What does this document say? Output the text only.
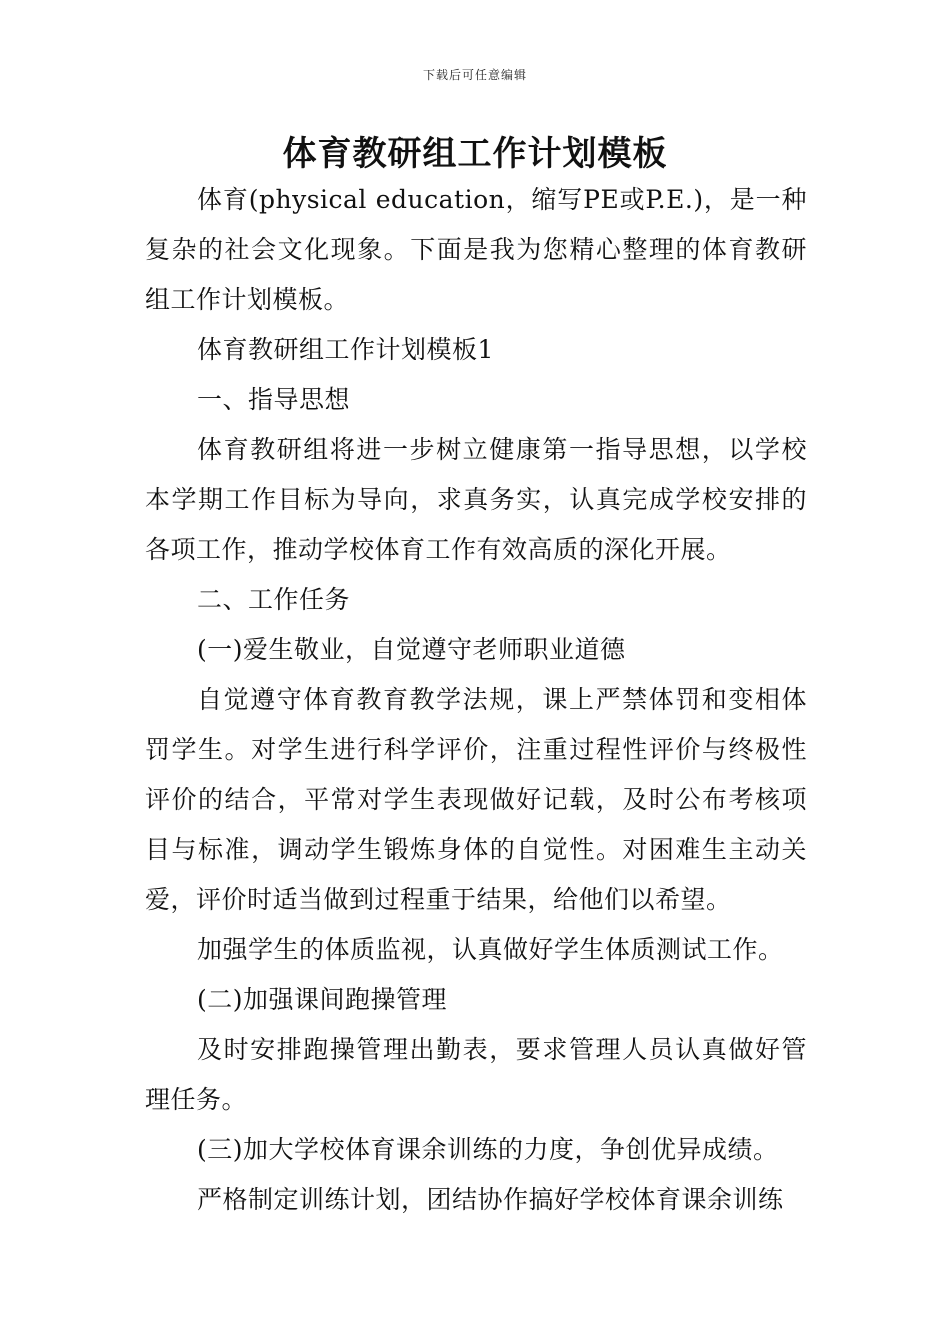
下载后可任意编辑
体育教研组工作计划模板

体育(physical education，缩写PE或P.E.)，是一种复杂的社会文化现象。下面是我为您精心整理的体育教研组工作计划模板。

体育教研组工作计划模板1

一、指导思想

体育教研组将进一步树立健康第一指导思想，以学校本学期工作目标为导向，求真务实，认真完成学校安排的各项工作，推动学校体育工作有效高质的深化开展。

二、工作任务

(一)爱生敬业，自觉遵守老师职业道德

自觉遵守体育教育教学法规，课上严禁体罚和变相体罚学生。对学生进行科学评价，注重过程性评价与终极性评价的结合，平常对学生表现做好记载，及时公布考核项目与标准，调动学生锻炼身体的自觉性。对困难生主动关爱，评价时适当做到过程重于结果，给他们以希望。

加强学生的体质监视，认真做好学生体质测试工作。

(二)加强课间跑操管理

及时安排跑操管理出勤表，要求管理人员认真做好管理任务。

(三)加大学校体育课余训练的力度，争创优异成绩。

严格制定训练计划，团结协作搞好学校体育课余训练
